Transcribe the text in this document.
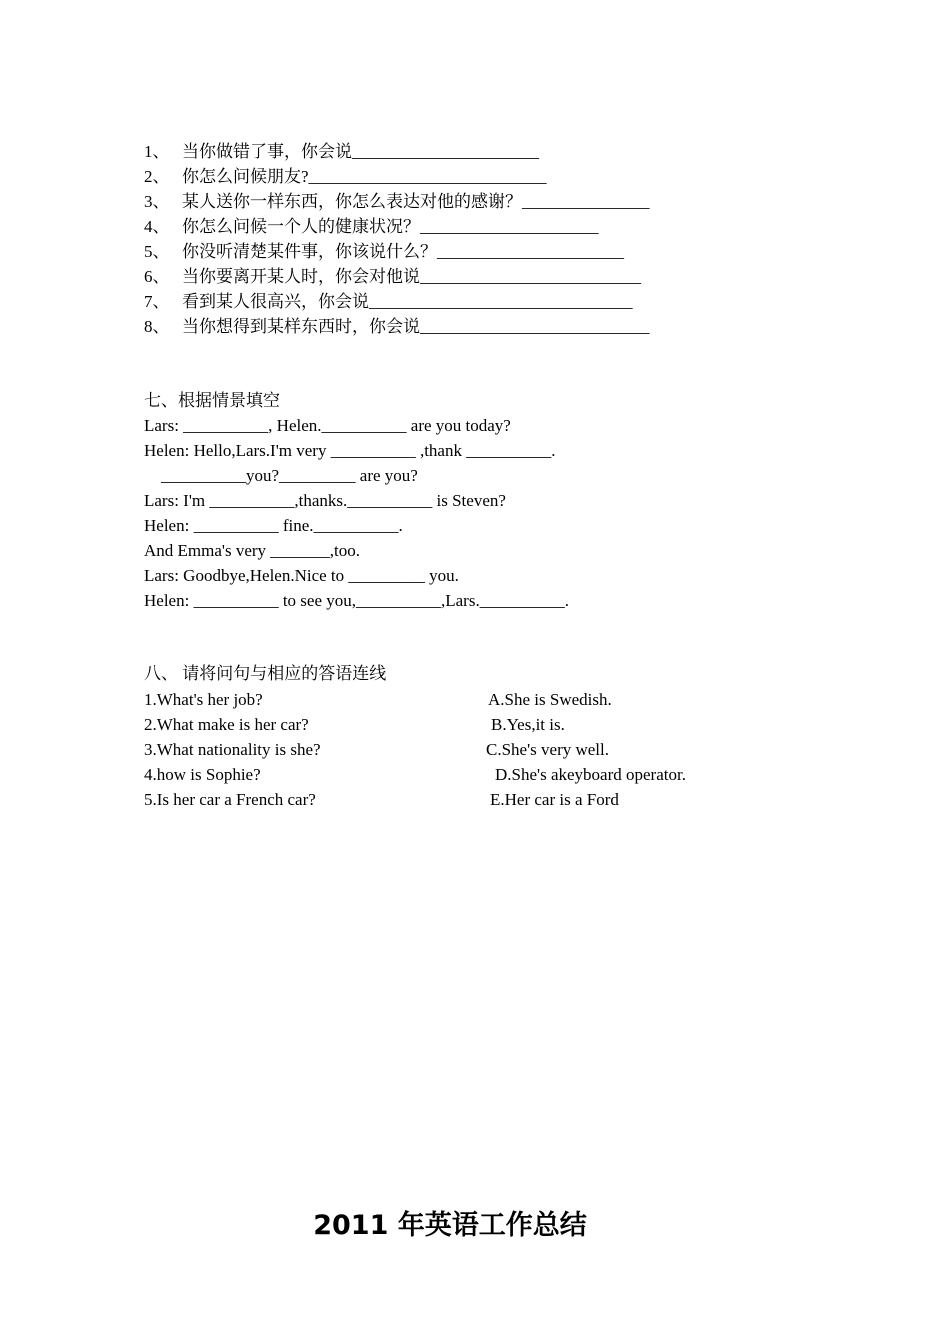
1、 当你做错了事，你会说______________________
2、 你怎么问候朋友?____________________________
3、 某人送你一样东西，你怎么表达对他的感谢？_______________
4、 你怎么问候一个人的健康状况？_____________________
5、 你没听清楚某件事，你该说什么？______________________
6、 当你要离开某人时，你会对他说__________________________
7、 看到某人很高兴，你会说_______________________________
8、 当你想得到某样东西时，你会说___________________________
七、根据情景填空
Lars: __________, Helen.__________ are you today?
Helen: Hello,Lars.I'm very __________ ,thank __________.
__________you?_________ are you?
Lars: I'm __________,thanks.__________ is Steven?
Helen: __________ fine.__________.
And Emma's very _______,too.
Lars: Goodbye,Helen.Nice to _________ you.
Helen: __________ to see you,__________,Lars.__________.
八、 请将问句与相应的答语连线
1.What's her job?
2.What make is her car?
3.What nationality is she?
4.how is Sophie?
5.Is her car a French car?
A.She is Swedish.
B.Yes,it is.
C.She's very well.
D.She's akeyboard operator.
E.Her car is a Ford
2011 年英语工作总结
